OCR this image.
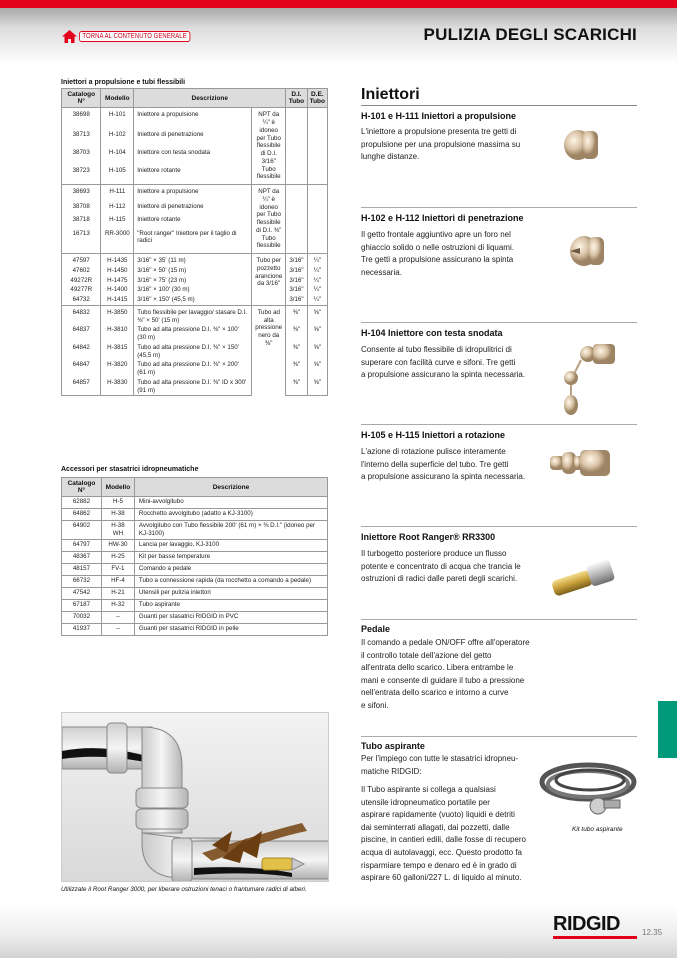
TORNA AL CONTENUTO GENERALE	PULIZIA DEGLI SCARICHI
Iniettori a propulsione e tubi flessibili
Catalogo N°	Modello	Descrizione		D.I. Tubo	D.E. Tubo
38698	H-101	Iniettore a propulsione	NPT da ¼" è idoneo per Tubo flessibile di D.I. 3/16" Tubo flessibile		
38713	H-102	Iniettore di penetrazione			
38703	H-104	Iniettore con testa snodata			
38723	H-105	Iniettore rotante			
38693	H-111	Iniettore a propulsione	NPT da ¼" è idoneo per Tubo flessibile di D.I. ⅜" Tubo flessibile		
38708	H-112	Iniettore di penetrazione			
38718	H-115	Iniettore rotante			
16713	RR-3000	"Root ranger" Iniettore per il taglio di radici			
47597	H-1435	3/16" × 35' (11 m)	Tubo per pozzetto arancione da 3/16"	3/16"	¼"
47602	H-1450	3/16" × 50' (15 m)		3/16"	¼"
49272R	H-1475	3/16" × 75' (23 m)		3/16"	¼"
49277R	H-1400	3/16" × 100' (30 m)		3/16"	¼"
64732	H-1415	3/16" × 150' (45,5 m)		3/16"	¼"
64832	H-3850	Tubo flessibile per lavaggio/ stasare D.I. ⅜" × 50' (15 m)	Tubo ad alta pressione nero da ⅜"	⅜"	⅝"
64837	H-3810	Tubo ad alta pressione D.I. ⅜" × 100' (30 m)		⅜"	⅝"
64842	H-3815	Tubo ad alta pressione D.I. ⅜" × 150' (45,5 m)		⅜"	⅝"
64847	H-3820	Tubo ad alta pressione D.I. ⅜" × 200' (61 m)		⅜"	⅝"
64857	H-3830	Tubo ad alta pressione D.I. ⅜" ID x 300' (91 m)		⅜"	⅝"
Accessori per stasatrici idropneumatiche
Catalogo N°	Modello	Descrizione
62882	H-5	Mini-avvolgitubo
64862	H-38	Rocchetto avvolgitubo (adatto a KJ-3100)
64902	H-38 WH	Avvolgitubo con Tubo flessibile 200' (61 m) × ⅜ D.I." (idoneo per KJ-3100)
64797	HW-30	Lancia per lavaggio, KJ-3100
48367	H-25	Kit per basse temperature
48157	FV-1	Comando a pedale
66732	HF-4	Tubo a connessione rapida (da rocchetto a comando a pedale)
47542	H-21	Utensili per pulizia iniettori
67187	H-32	Tubo aspirante
70032	–	Guanti per stasatrici RIDGID in PVC
41937	–	Guanti per stasatrici RIDGID in pelle
Utilizzate il Root Ranger 3000, per liberare ostruzioni tenaci o frantumare radici di alberi.
Iniettori
H-101 e H-111 Iniettori a propulsione
L'iniettore a propulsione presenta tre getti di
propulsione per una propulsione massima su
lunghe distanze.
H-102 e H-112 Iniettori di penetrazione
Il getto frontale aggiuntivo apre un foro nel
ghiaccio solido o nelle ostruzioni di liquami.
Tre getti a propulsione assicurano la spinta
necessaria.
H-104 Iniettore con testa snodata
Consente al tubo flessibile di idropulitrici di
superare con facilità curve e sifoni. Tre getti
a propulsione assicurano la spinta necessaria.
H-105 e H-115 Iniettori a rotazione
L'azione di rotazione pulisce interamente
l'interno della superficie del tubo. Tre getti
a propulsione assicurano la spinta necessaria.
Iniettore Root Ranger® RR3300
Il turbogetto posteriore produce un flusso
potente e concentrato di acqua che trancia le
ostruzioni di radici dalle pareti degli scarichi.
Pedale
Il comando a pedale ON/OFF offre all'operatore
il controllo totale dell'azione del getto
all'entrata dello scarico. Libera entrambe le
mani e consente di guidare il tubo a pressione
nell'entrata dello scarico e intorno a curve
e sifoni.
Tubo aspirante
Per l'impiego con tutte le stasatrici idropneu-
matiche RIDGID:
Il Tubo aspirante si collega a qualsiasi
utensile idropneumatico portatile per
aspirare rapidamente (vuoto) liquidi e detriti
dai seminterrati allagati, dai pozzetti, dalle
piscine, in cantieri edili, dalle fosse di recupero
acqua di autolavaggi, ecc. Questo prodotto fa
risparmiare tempo e denaro ed è in grado di
aspirare 60 galloni/227 L. di liquido al minuto.
Kit tubo aspirante
RIDGID	12.35
